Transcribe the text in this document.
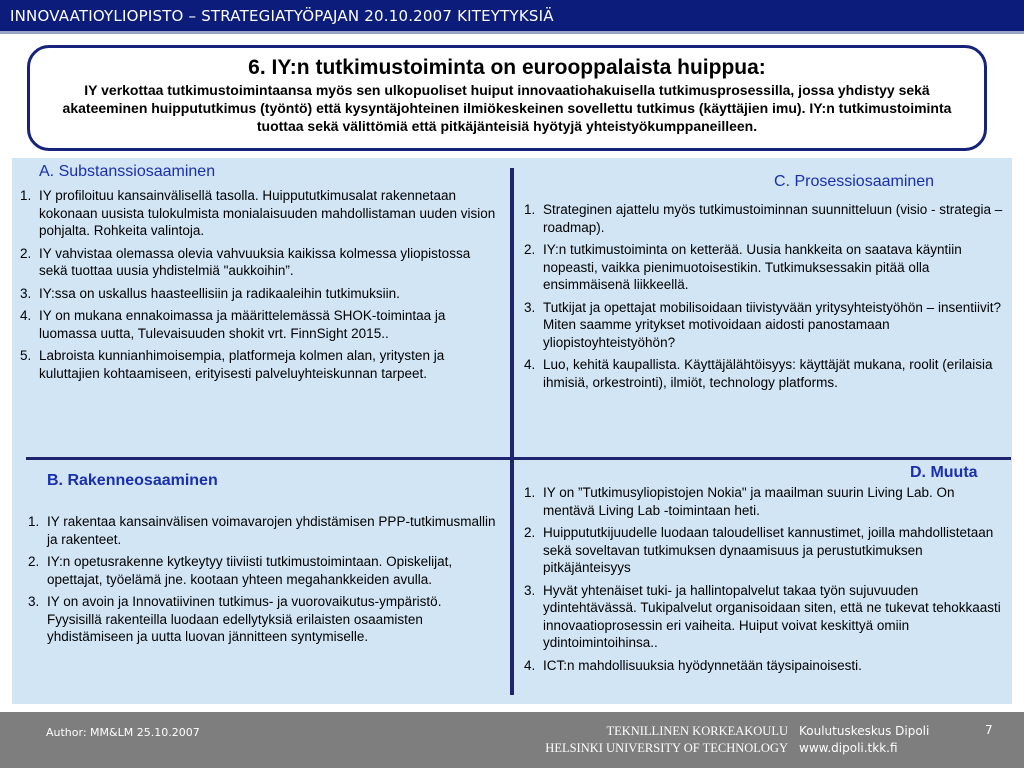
INNOVAATIOYLIOPISTO – STRATEGIATYÖPAJAN 20.10.2007 KITEYTYKSIÄ
6. IY:n tutkimustoiminta on eurooppalaista huippua:
IY verkottaa tutkimustoimintaansa myös sen ulkopuoliset huiput innovaatiohakuisella tutkimusprosessilla, jossa yhdistyy sekä akateeminen huippututkimus (työntö) että kysyntäjohteinen ilmiökeskeinen sovellettu tutkimus (käyttäjien imu). IY:n tutkimustoiminta tuottaa sekä välittömiä että pitkäjänteisiä hyötyjä yhteistyökumppaneilleen.
A. Substanssiosaaminen
1. IY profiloituu kansainvälisellä tasolla. Huippututkimusalat rakennetaan kokonaan uusista tulokulmista monialaisuuden mahdollistaman uuden vision pohjalta. Rohkeita valintoja.
2. IY vahvistaa olemassa olevia vahvuuksia kaikissa kolmessa yliopistossa sekä tuottaa uusia yhdistelmiä "aukkoihin”.
3. IY:ssa on uskallus haasteellisiin ja radikaaleihin tutkimuksiin.
4. IY on mukana ennakoimassa ja määrittelemässä SHOK-toimintaa ja luomassa uutta, Tulevaisuuden shokit vrt. FinnSight 2015..
5. Labroista kunnianhimoisempia, platformeja kolmen alan, yritysten ja kuluttajien kohtaamiseen, erityisesti palveluyhteiskunnan tarpeet.
C. Prosessiosaaminen
1. Strateginen ajattelu myös tutkimustoiminnan suunnitteluun (visio - strategia – roadmap).
2. IY:n tutkimustoiminta on ketterää. Uusia hankkeita on saatava käyntiin nopeasti, vaikka pienimuotoisestikin. Tutkimuksessakin pitää olla ensimmäisenä liikkeellä.
3. Tutkijat ja opettajat mobilisoidaan tiivistyvään yritysyhteistyöhön – insentiivit? Miten saamme yritykset motivoidaan aidosti panostamaan yliopistoyhteistyöhön?
4. Luo, kehitä kaupallista. Käyttäjälähtöisyys: käyttäjät mukana, roolit (erilaisia ihmisiä, orkestrointi), ilmiöt, technology platforms.
B. Rakenneosaaminen
1. IY rakentaa kansainvälisen voimavarojen yhdistämisen PPP-tutkimusmallin ja rakenteet.
2. IY:n opetusrakenne kytkeytyy tiiviisti tutkimustoimintaan. Opiskelijat, opettajat, työelämä jne. kootaan yhteen megahankkeiden avulla.
3. IY on avoin ja Innovatiivinen tutkimus- ja vuorovaikutus-ympäristö. Fyysisillä rakenteilla luodaan edellytyksiä erilaisten osaamisten yhdistämiseen ja uutta luovan jännitteen syntymiselle.
D. Muuta
1. IY on ”Tutkimusyliopistojen Nokia" ja maailman suurin Living Lab. On mentävä Living Lab -toimintaan heti.
2. Huippututkijuudelle luodaan taloudelliset kannustimet, joilla mahdollistetaan sekä soveltavan tutkimuksen dynaamisuus ja perustutkimuksen pitkäjänteisyys
3. Hyvät yhtenäiset tuki- ja hallintopalvelut takaa työn sujuvuuden ydintehtävässä. Tukipalvelut organisoidaan siten, että ne tukevat tehokkaasti innovaatioprosessin eri vaiheita. Huiput voivat keskittyä omiin ydintoimintoihinsa..
4. ICT:n mahdollisuuksia hyödynnetään täysipainoisesti.
Author: MM&LM 25.10.2007	TEKNILLINEN KORKEAKOULU
HELSINKI UNIVERSITY OF TECHNOLOGY
Koulutuskeskus Dipoli
www.dipoli.tkk.fi
7
